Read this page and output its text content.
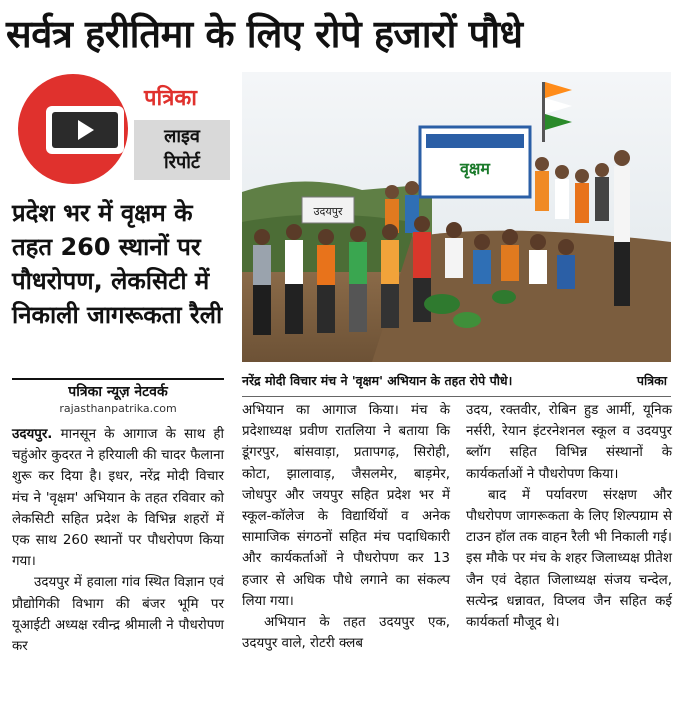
सर्वत्र हरीतिमा के लिए रोपे हजारों पौधे
पत्रिका
लाइव
रिपोर्ट
प्रदेश भर में वृक्षम के तहत 260 स्थानों पर पौधरोपण, लेकसिटी में निकाली जागरूकता रैली
पत्रिका न्यूज़ नेटवर्क
rajasthanpatrika.com
वृक्षम
उदयपुर
नरेंद्र मोदी विचार मंच ने 'वृक्षम' अभियान के तहत रोपे पौधे।	पत्रिका

उदयपुर. मानसून के आगाज के साथ ही चहुंओर कुदरत ने हरियाली की चादर फैलाना शुरू कर दिया है। इधर, नरेंद्र मोदी विचार मंच ने 'वृक्षम' अभियान के तहत रविवार को लेकसिटी सहित प्रदेश के विभिन्न शहरों में एक साथ 260 स्थानों पर पौधरोपण किया गया।

उदयपुर में हवाला गांव स्थित विज्ञान एवं प्रौद्योगिकी विभाग की बंजर भूमि पर यूआईटी अध्यक्ष रवीन्द्र श्रीमाली ने पौधरोपण कर

अभियान का आगाज किया। मंच के प्रदेशाध्यक्ष प्रवीण रातलिया ने बताया कि डूंगरपुर, बांसवाड़ा, प्रतापगढ़, सिरोही, कोटा, झालावाड़, जैसलमेर, बाड़मेर, जोधपुर और जयपुर सहित प्रदेश भर में स्कूल-कॉलेज के विद्यार्थियों व अनेक सामाजिक संगठनों सहित मंच पदाधिकारी और कार्यकर्ताओं ने पौधरोपण कर 13 हजार से अधिक पौधे लगाने का संकल्प लिया गया।

अभियान के तहत उदयपुर एक, उदयपुर वाले, रोटरी क्लब

उदय, रक्तवीर, रोबिन हुड आर्मी, यूनिक नर्सरी, रेयान इंटरनेशनल स्कूल व उदयपुर ब्लॉग सहित विभिन्न संस्थानों के कार्यकर्ताओं ने पौधरोपण किया।

बाद में पर्यावरण संरक्षण और पौधरोपण जागरूकता के लिए शिल्पग्राम से टाउन हॉल तक वाहन रैली भी निकाली गई। इस मौके पर मंच के शहर जिलाध्यक्ष प्रीतेश जैन एवं देहात जिलाध्यक्ष संजय चन्देल, सत्येन्द्र धन्नावत, विप्लव जैन सहित कई कार्यकर्ता मौजूद थे।
